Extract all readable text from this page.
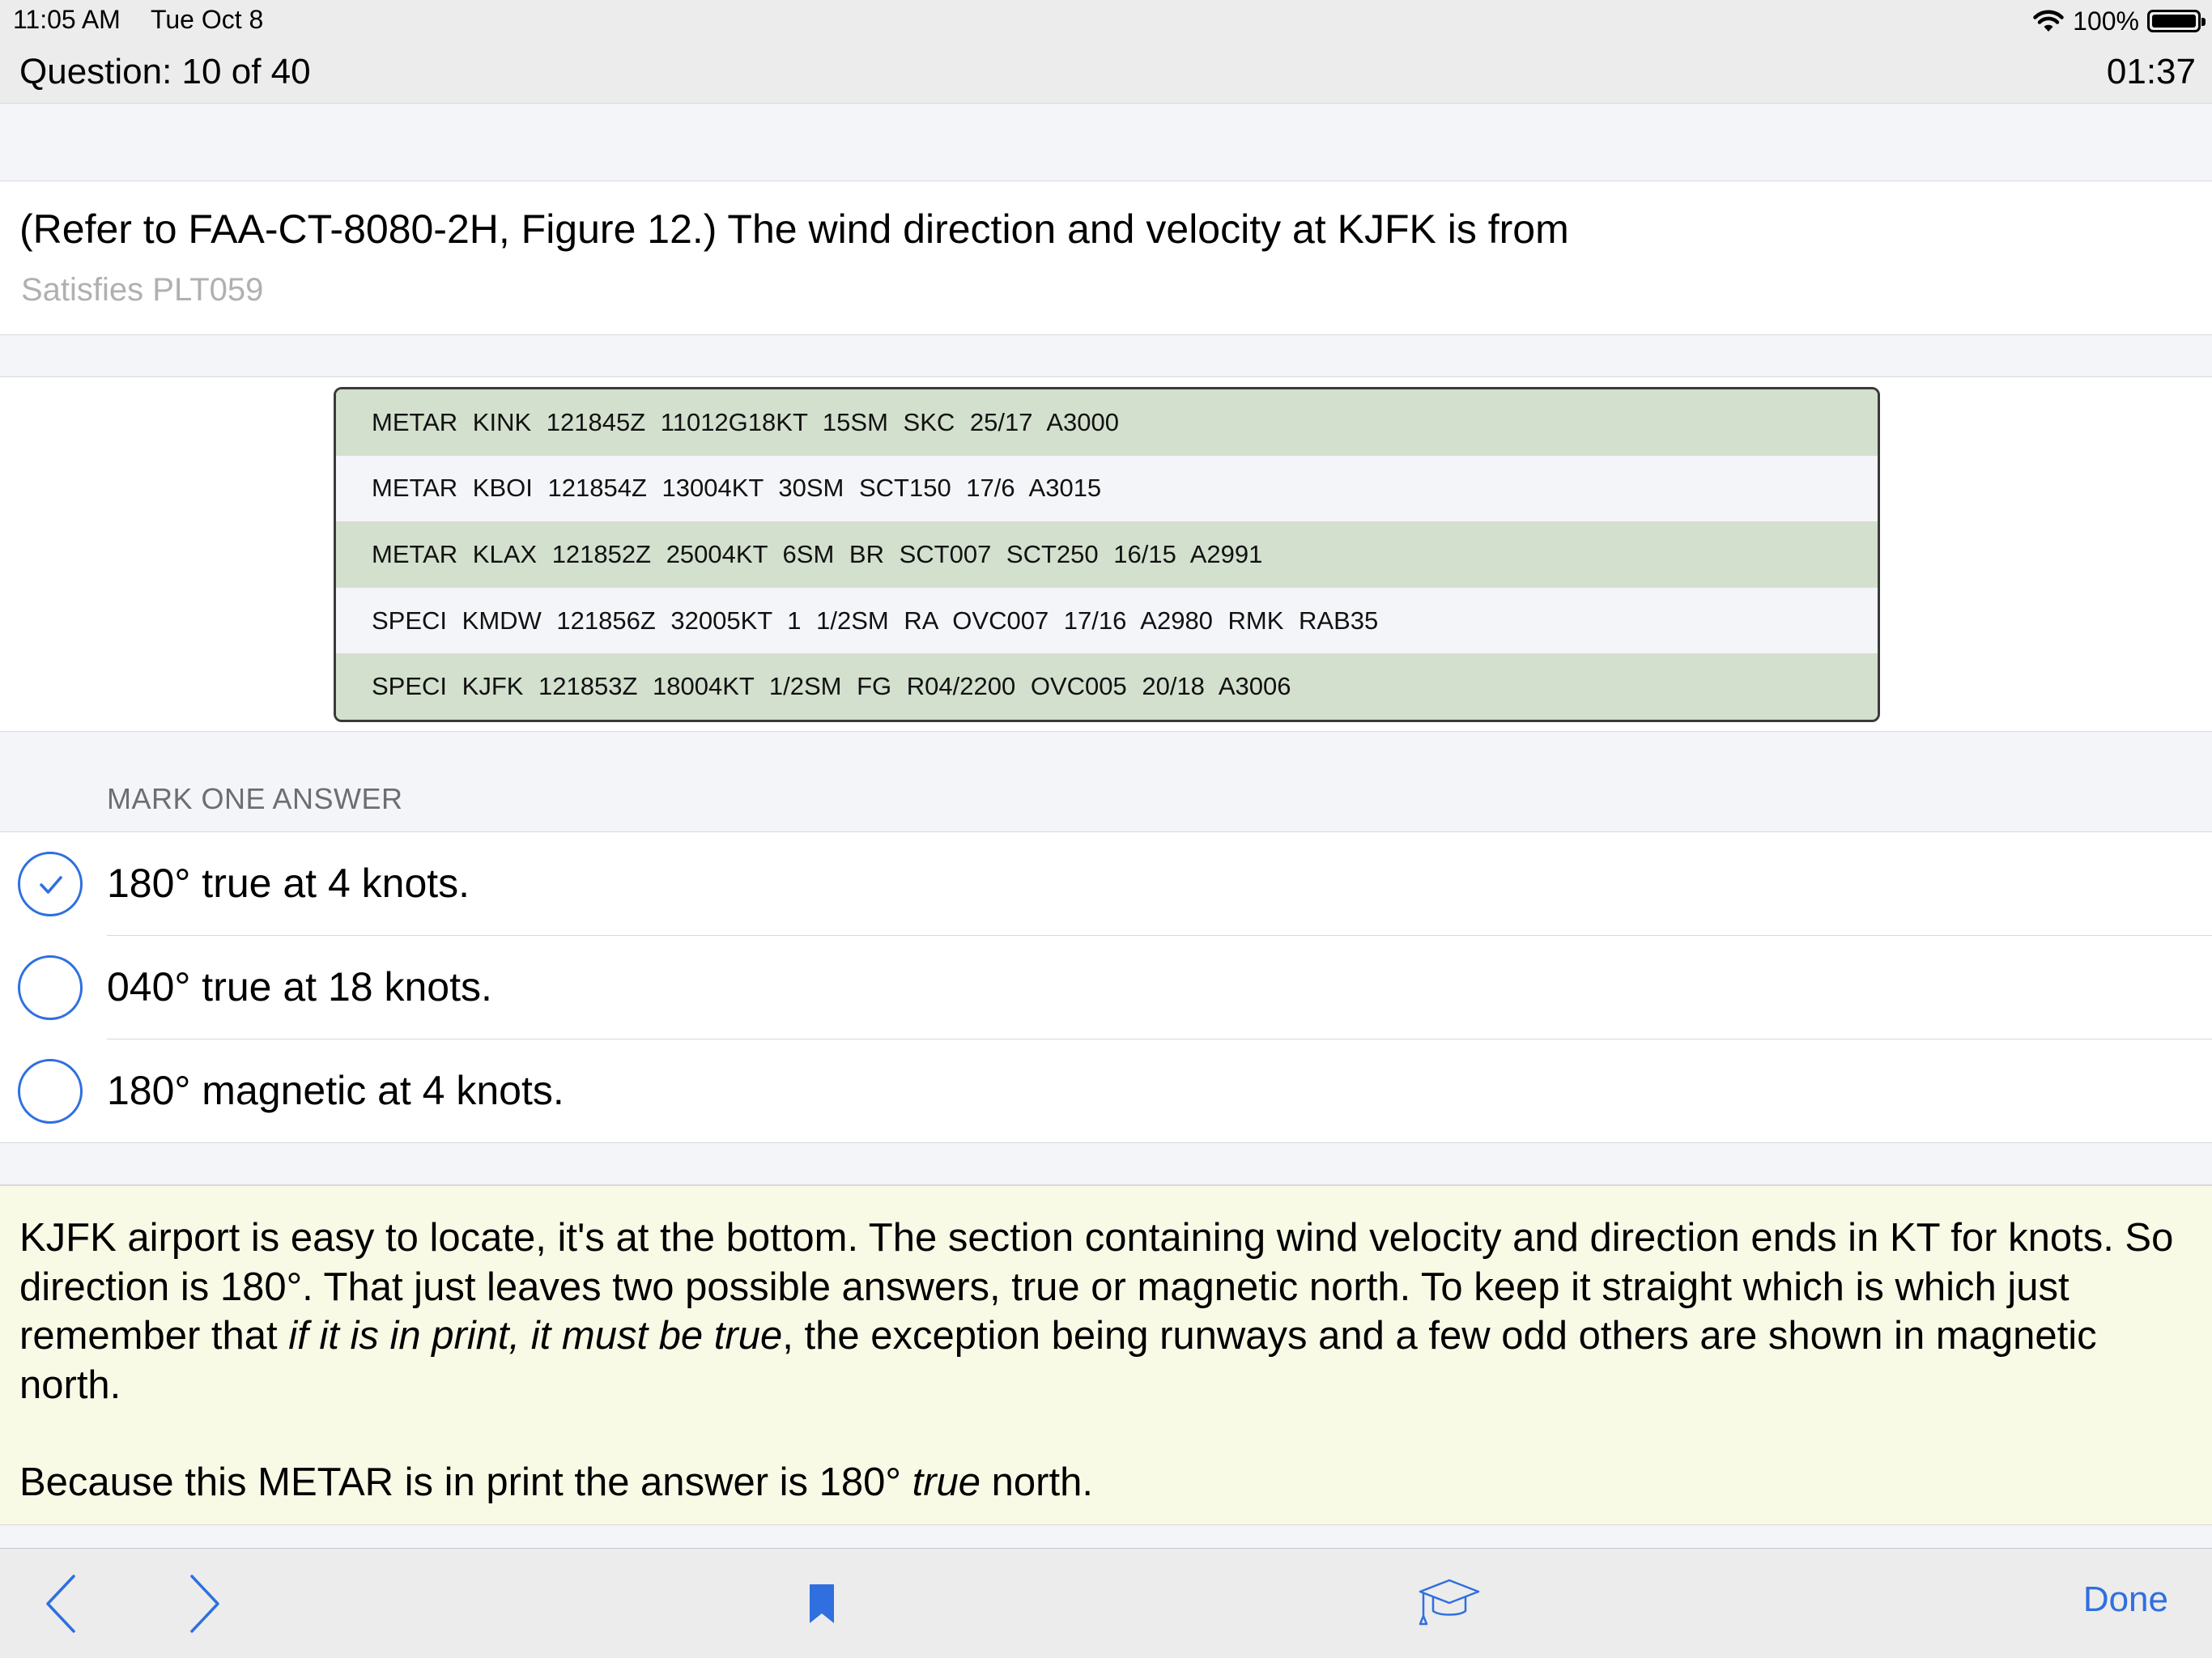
11:05 AM Tue Oct 8	100%
Question: 10 of 40	01:37
(Refer to FAA-CT-8080-2H, Figure 12.) The wind direction and velocity at KJFK is from
Satisfies PLT059
METAR KINK 121845Z 11012G18KT 15SM SKC 25/17 A3000
METAR KBOI 121854Z 13004KT 30SM SCT150 17/6 A3015
METAR KLAX 121852Z 25004KT 6SM BR SCT007 SCT250 16/15 A2991
SPECI KMDW 121856Z 32005KT 1 1/2SM RA OVC007 17/16 A2980 RMK RAB35
SPECI KJFK 121853Z 18004KT 1/2SM FG R04/2200 OVC005 20/18 A3006
MARK ONE ANSWER
180° true at 4 knots.
040° true at 18 knots.
180° magnetic at 4 knots.

KJFK airport is easy to locate, it's at the bottom. The section containing wind velocity and direction ends in KT for knots. So direction is 180°. That just leaves two possible answers, true or magnetic north. To keep it straight which is which just remember that if it is in print, it must be true, the exception being runways and a few odd others are shown in magnetic north.

Because this METAR is in print the answer is 180° true north.

Done
